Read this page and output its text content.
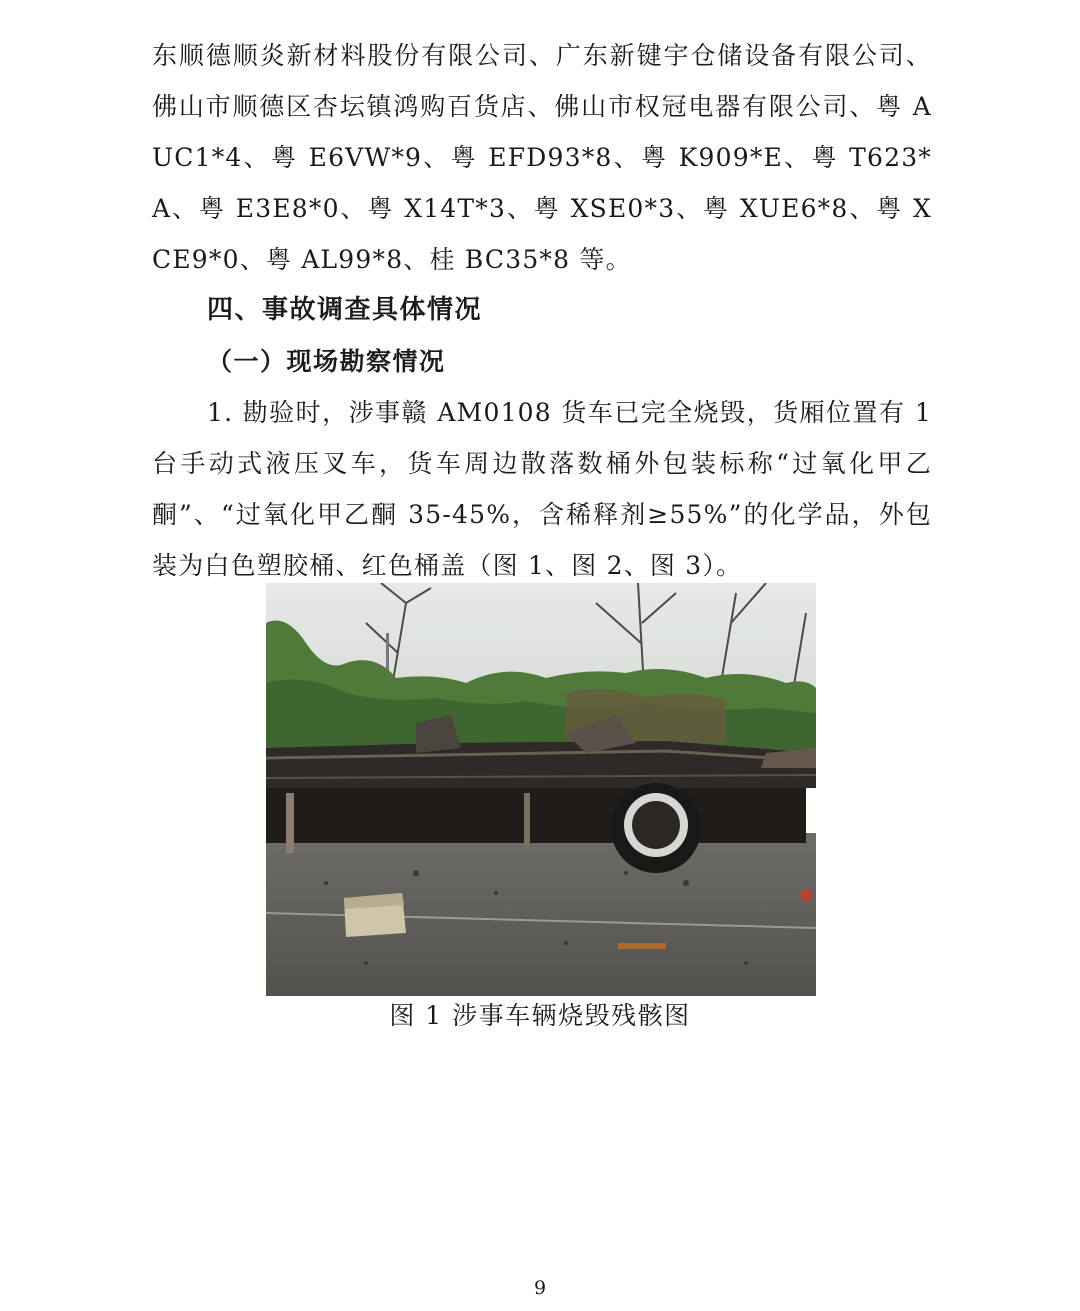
东顺德顺炎新材料股份有限公司、广东新键宇仓储设备有限公司、佛山市顺德区杏坛镇鸿购百货店、佛山市权冠电器有限公司、粤 AUC1*4、粤 E6VW*9、粤 EFD93*8、粤 K909*E、粤 T623*A、粤 E3E8*0、粤 X14T*3、粤 XSE0*3、粤 XUE6*8、粤 XCE9*0、粤 AL99*8、桂 BC35*8 等。

四、事故调查具体情况

（一）现场勘察情况

1. 勘验时，涉事赣 AM0108 货车已完全烧毁，货厢位置有 1 台手动式液压叉车，货车周边散落数桶外包装标称“过氧化甲乙酮”、“过氧化甲乙酮 35-45%，含稀释剂≥55%”的化学品，外包装为白色塑胶桶、红色桶盖（图 1、图 2、图 3）。

图 1 涉事车辆烧毁残骸图
9
